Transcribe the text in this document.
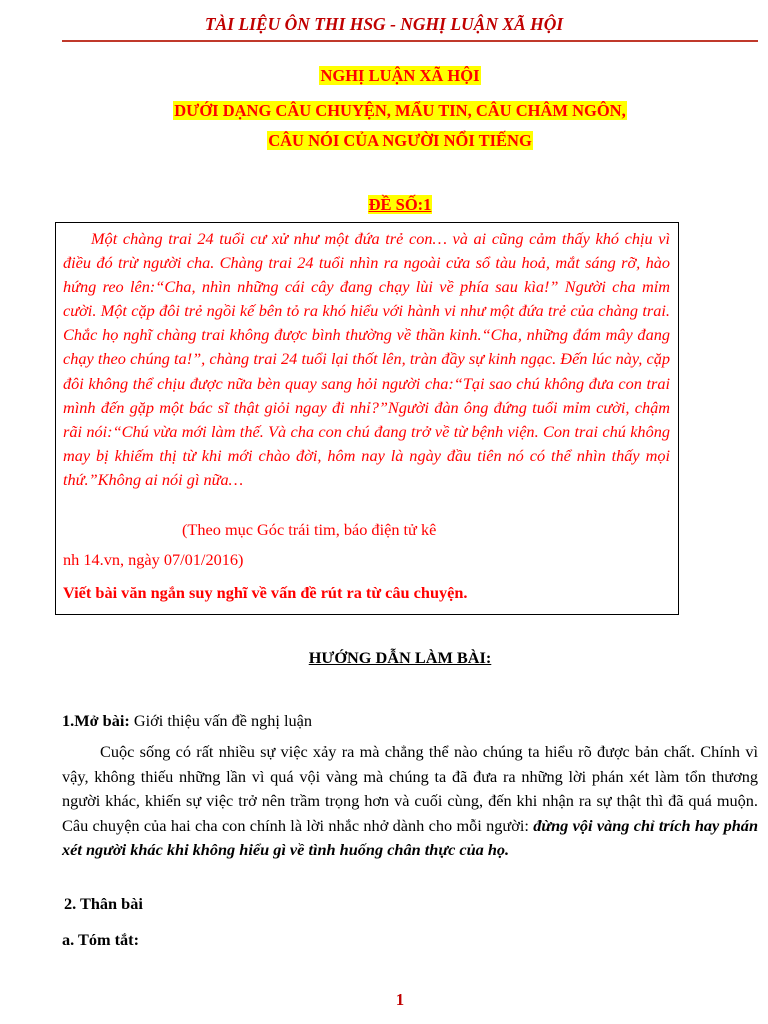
TÀI LIỆU ÔN THI HSG - NGHỊ LUẬN XÃ HỘI
NGHỊ LUẬN XÃ HỘI
DƯỚI DẠNG CÂU CHUYỆN, MẨU TIN, CÂU CHÂM NGÔN,
CÂU NÓI CỦA NGƯỜI NỔI TIẾNG
ĐỀ SỐ:1

Một chàng trai 24 tuổi cư xử như một đứa trẻ con… và ai cũng cảm thấy khó chịu vì điều đó trừ người cha. Chàng trai 24 tuổi nhìn ra ngoài cửa sổ tàu hoả, mắt sáng rỡ, hào hứng reo lên:“Cha, nhìn những cái cây đang chạy lùi về phía sau kìa!” Người cha mỉm cười. Một cặp đôi trẻ ngồi kế bên tỏ ra khó hiểu với hành vi như một đứa trẻ của chàng trai. Chắc họ nghĩ chàng trai không được bình thường về thần kinh.“Cha, những đám mây đang chạy theo chúng ta!”, chàng trai 24 tuổi lại thốt lên, tràn đầy sự kinh ngạc. Đến lúc này, cặp đôi không thể chịu được nữa bèn quay sang hỏi người cha:“Tại sao chú không đưa con trai mình đến gặp một bác sĩ thật giỏi ngay đi nhỉ?”Người đàn ông đứng tuổi mỉm cười, chậm rãi nói:“Chú vừa mới làm thế. Và cha con chú đang trở về từ bệnh viện. Con trai chú không may bị khiếm thị từ khi mới chào đời, hôm nay là ngày đầu tiên nó có thể nhìn thấy mọi thứ.”Không ai nói gì nữa…

(Theo mục Góc trái tim, báo điện tử kê
nh 14.vn, ngày 07/01/2016)
Viết bài văn ngắn suy nghĩ về vấn đề rút ra từ câu chuyện.
HƯỚNG DẪN LÀM BÀI:
1.Mở bài: Giới thiệu vấn đề nghị luận

Cuộc sống có rất nhiều sự việc xảy ra mà chẳng thể nào chúng ta hiểu rõ được bản chất. Chính vì vậy, không thiếu những lần vì quá vội vàng mà chúng ta đã đưa ra những lời phán xét làm tổn thương người khác, khiến sự việc trở nên trầm trọng hơn và cuối cùng, đến khi nhận ra sự thật thì đã quá muộn. Câu chuyện của hai cha con chính là lời nhắc nhở dành cho mỗi người: đừng vội vàng chỉ trích hay phán xét người khác khi không hiểu gì về tình huống chân thực của họ.

2. Thân bài
a. Tóm tắt:
1
